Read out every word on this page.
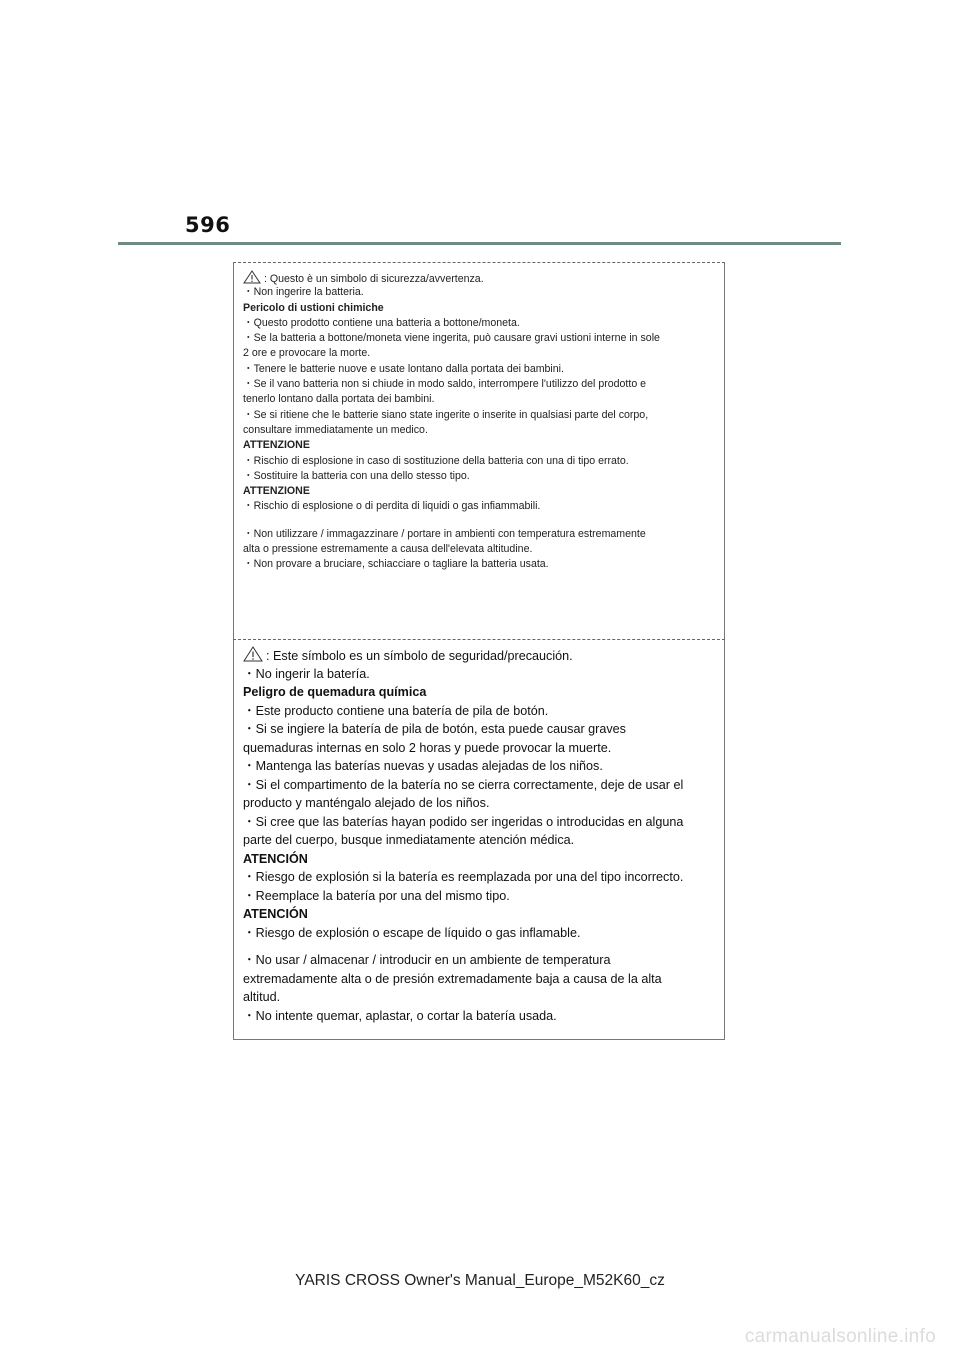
596
: Questo è un simbolo di sicurezza/avvertenza.
・Non ingerire la batteria.
Pericolo di ustioni chimiche
・Questo prodotto contiene una batteria a bottone/moneta.
・Se la batteria a bottone/moneta viene ingerita, può causare gravi ustioni interne in sole
2 ore e provocare la morte.
・Tenere le batterie nuove e usate lontano dalla portata dei bambini.
・Se il vano batteria non si chiude in modo saldo, interrompere l'utilizzo del prodotto e
tenerlo lontano dalla portata dei bambini.
・Se si ritiene che le batterie siano state ingerite o inserite in qualsiasi parte del corpo,
consultare immediatamente un medico.
ATTENZIONE
・Rischio di esplosione in caso di sostituzione della batteria con una di tipo errato.
・Sostituire la batteria con una dello stesso tipo.
ATTENZIONE
・Rischio di esplosione o di perdita di liquidi o gas infiammabili.
・Non utilizzare / immagazzinare / portare in ambienti con temperatura estremamente
alta o pressione estremamente a causa dell'elevata altitudine.
・Non provare a bruciare, schiacciare o tagliare la batteria usata.
: Este símbolo es un símbolo de seguridad/precaución.
・No ingerir la batería.
Peligro de quemadura química
・Este producto contiene una batería de pila de botón.
・Si se ingiere la batería de pila de botón, esta puede causar graves
quemaduras internas en solo 2 horas y puede provocar la muerte.
・Mantenga las baterías nuevas y usadas alejadas de los niños.
・Si el compartimento de la batería no se cierra correctamente, deje de usar el
producto y manténgalo alejado de los niños.
・Si cree que las baterías hayan podido ser ingeridas o introducidas en alguna
parte del cuerpo, busque inmediatamente atención médica.
ATENCIÓN
・Riesgo de explosión si la batería es reemplazada por una del tipo incorrecto.
・Reemplace la batería por una del mismo tipo.
ATENCIÓN
・Riesgo de explosión o escape de líquido o gas inflamable.
・No usar / almacenar / introducir en un ambiente de temperatura
extremadamente alta o de presión extremadamente baja a causa de la alta
altitud.
・No intente quemar, aplastar, o cortar la batería usada.
YARIS CROSS Owner's Manual_Europe_M52K60_cz
carmanualsonline.info
